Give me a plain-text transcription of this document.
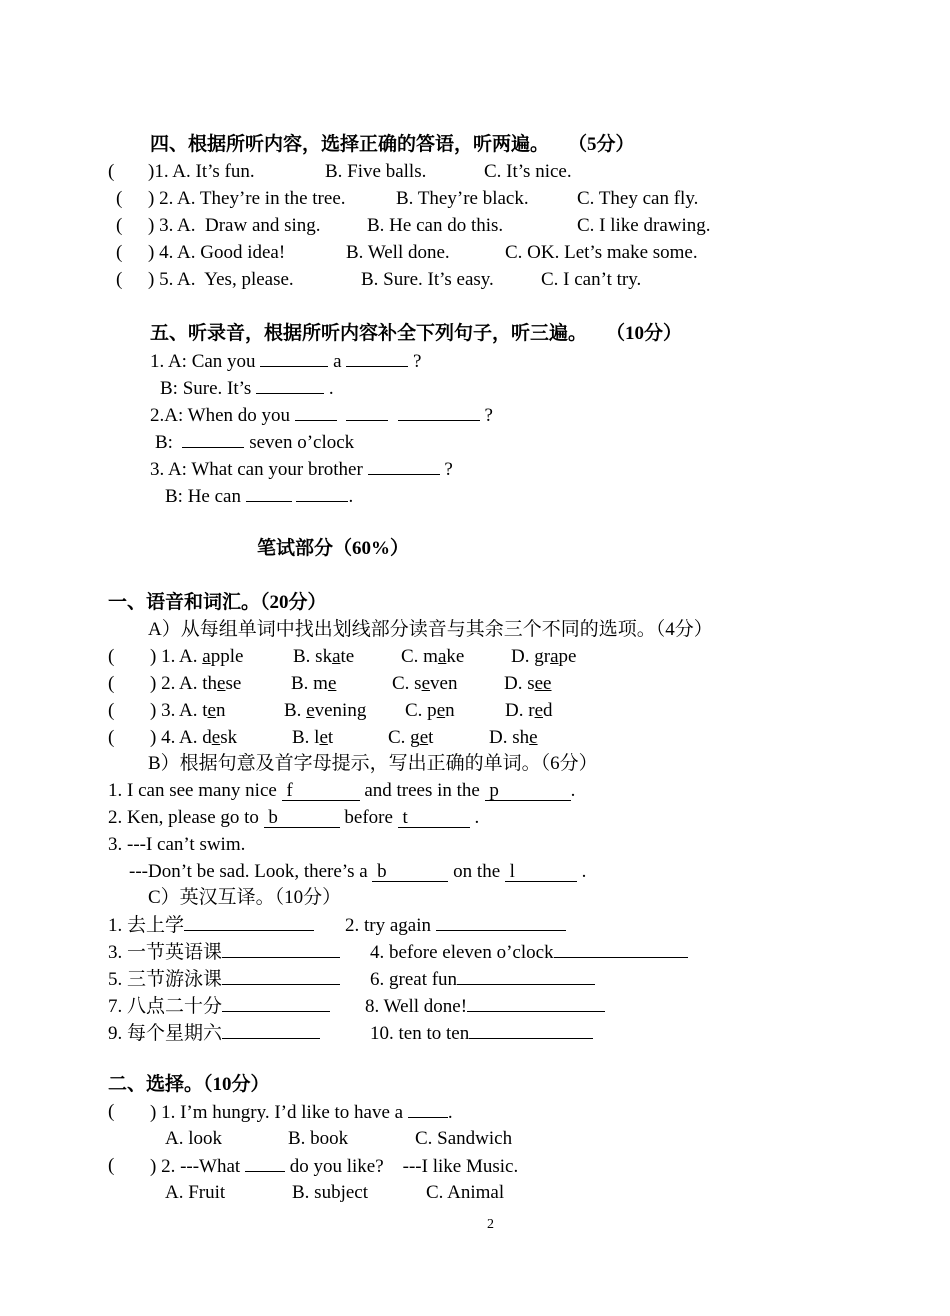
四、根据所听内容，选择正确的答语，听两遍。 （5分）
( )1. A. It’s fun.	B. Five balls.	C. It’s nice.
( ) 2. A. They’re in the tree.	B. They’re black.	C. They can fly.
( ) 3. A.  Draw and sing. B. He can do this.	C. I like drawing.
( ) 4. A. Good idea!	B. Well done.	C. OK. Let’s make some.
( ) 5. A.  Yes, please.	B. Sure. It’s easy. C. I can’t try.
五、听录音，根据所听内容补全下列句子，听三遍。 （10分）
1. A: Can you	a	?
B: Sure. It’s	.
2.A: When do you	?
B:	seven o’clock
3. A: What can your brother	?
B: He can	.
笔试部分（60%）
一、语音和词汇。（20分）
A）从每组单词中找出划线部分读音与其余三个不同的选项。（4分）
( ) 1. A. apple	B. skate C. make D. grape
( ) 2. A. these	B. me	C. seven D. see
( ) 3. A. ten	B. evening C. pen	D. red
( ) 4. A. desk	B. let	C. get	D. she
B）根据句意及首字母提示，写出正确的单词。（6分）
1. I can see many nice f	and trees in the p	.
2. Ken, please go to b	before t	.
3. ---I can’t swim.
---Don’t be sad. Look, there’s a b	on the l	.
C）英汉互译。（10分）
1. 去上学	2. try again
3. 一节英语课	4. before eleven o’clock
5. 三节游泳课	6. great fun
7. 八点二十分	8. Well done!
9. 每个星期六	10. ten to ten
二、选择。（10分）
( ) 1. I’m hungry. I’d like to have a .
A. look	B. book	C. Sandwich
( ) 2. ---What	do you like? ---I like Music.
A. Fruit	B. subject	C. Animal
2
